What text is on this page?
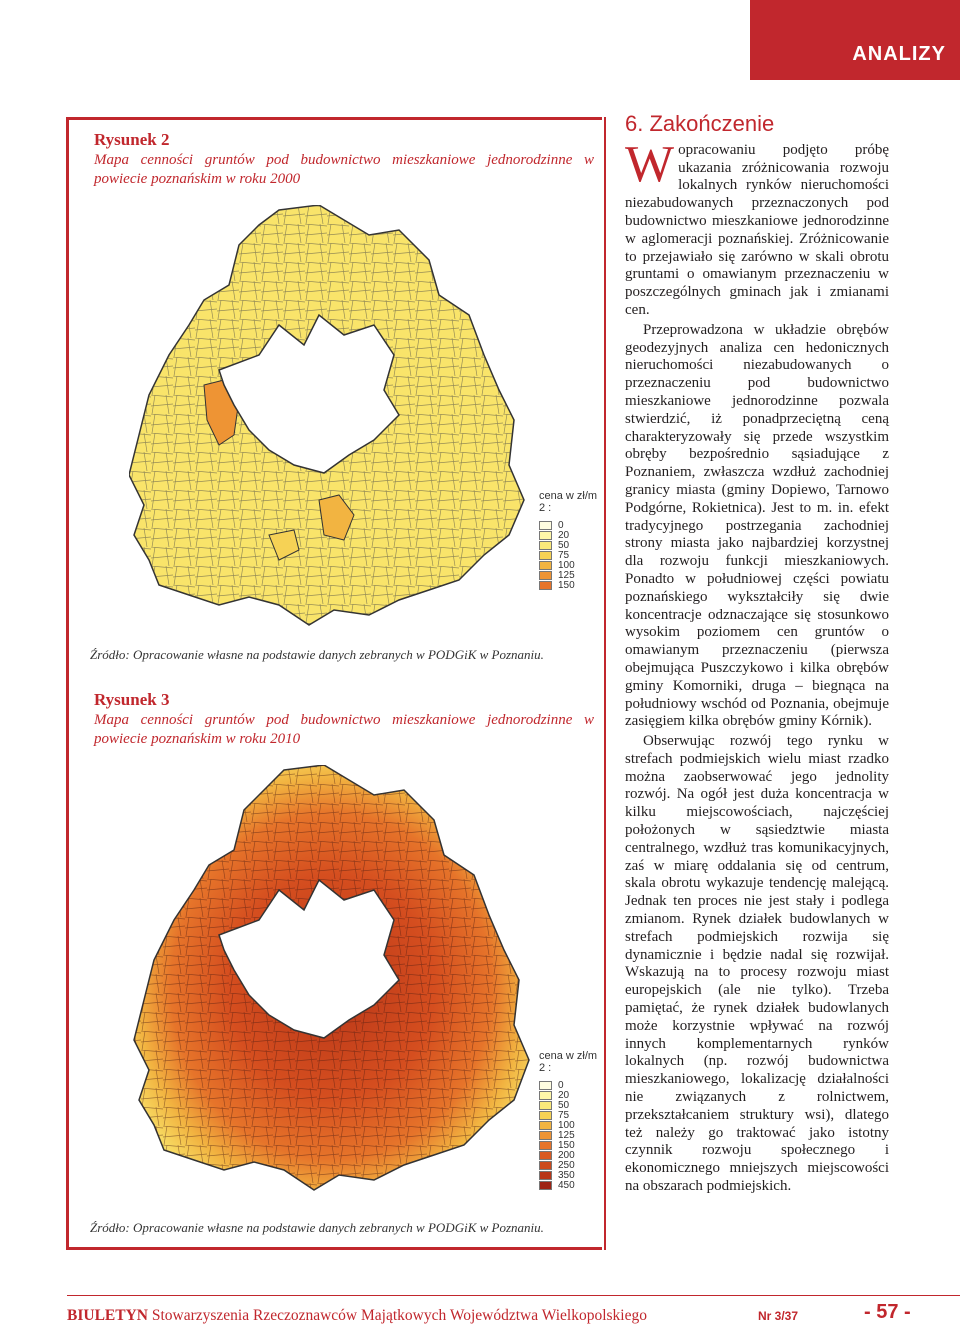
ANALIZY
Rysunek 2
Mapa cenności gruntów pod budownictwo mieszkaniowe jednorodzinne w powiecie poznańskim w roku 2000
cena w zł/m 2 :
0
20
50
75
100
125
150
Źródło: Opracowanie własne na podstawie danych zebranych w PODGiK w Poznaniu.
Rysunek 3
Mapa cenności gruntów pod budownictwo mieszkaniowe jednorodzinne w powiecie poznańskim w roku 2010
cena w zł/m 2 :
0
20
50
75
100
125
150
200
250
350
450
Źródło: Opracowanie własne na podstawie danych zebranych w PODGiK w Poznaniu.
6. Zakończenie

Wopracowaniu podjęto próbę ukazania zróżnicowania rozwoju lokalnych rynków nieruchomości niezabudowanych przeznaczonych pod budownictwo mieszkaniowe jednorodzinne w aglomeracji poznańskiej. Zróżnicowanie to przejawiało się zarówno w skali obrotu gruntami o omawianym przeznaczeniu w poszczególnych gminach jak i zmianami cen.

Przeprowadzona w układzie obrębów geodezyjnych analiza cen hedonicznych nieruchomości niezabudowanych o przeznaczeniu pod budownictwo mieszkaniowe jednorodzinne pozwala stwierdzić, iż ponadprzeciętną ceną charakteryzowały się przede wszystkim obręby bezpośrednio sąsiadujące z Poznaniem, zwłaszcza wzdłuż zachodniej granicy miasta (gminy Dopiewo, Tarnowo Podgórne, Rokietnica). Jest to m. in. efekt tradycyjnego postrzegania zachodniej strony miasta jako najbardziej korzystnej dla rozwoju funkcji mieszkaniowych. Ponadto w południowej części powiatu poznańskiego wykształciły się dwie koncentracje odznaczające się stosunkowo wysokim poziomem cen gruntów o omawianym przeznaczeniu (pierwsza obejmująca Puszczykowo i kilka obrębów gminy Komorniki, druga – biegnąca na południowy wschód od Poznania, obejmuje zasięgiem kilka obrębów gminy Kórnik).

Obserwując rozwój tego rynku w strefach podmiejskich wielu miast rzadko można zaobserwować jego jednolity rozwój. Na ogół jest duża koncentracja w kilku miejscowościach, najczęściej położonych w sąsiedztwie miasta centralnego, wzdłuż tras komunikacyjnych, zaś w miarę oddalania się od centrum, skala obrotu wykazuje tendencję malejącą. Jednak ten proces nie jest stały i podlega zmianom. Rynek działek budowlanych w strefach podmiejskich rozwija się dynamicznie i będzie nadal się rozwijał. Wskazują na to procesy rozwoju miast europejskich (ale nie tylko). Trzeba pamiętać, że rynek działek budowlanych może korzystnie wpływać na rozwój innych komplementarnych rynków lokalnych (np. rozwój budownictwa mieszkaniowego, lokalizację działalności nie związanych z rolnictwem, przekształcaniem struktury wsi), dlatego też należy go traktować jako istotny czynnik rozwoju społecznego i ekonomicznego mniejszych miejscowości na obszarach podmiejskich.

BIULETYN Stowarzyszenia Rzeczoznawców Majątkowych Województwa Wielkopolskiego	Nr 3/37	- 57 -
